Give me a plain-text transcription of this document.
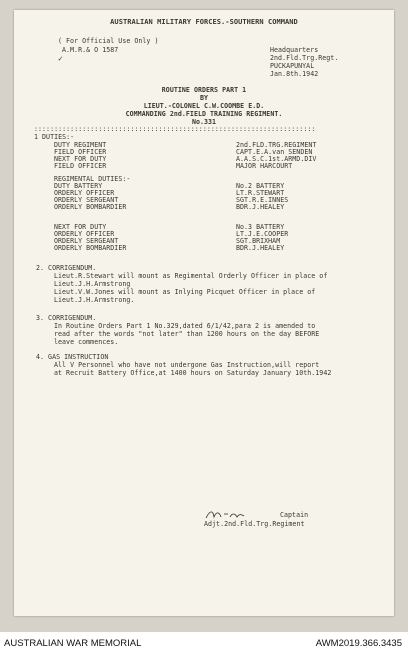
AUSTRALIAN MILITARY FORCES.-SOUTHERN COMMAND
( For Official Use Only )
A.M.R.& O 1587
✓
Headquarters
2nd.Fld.Trg.Regt.
PUCKAPUNYAL
Jan.8th.1942
ROUTINE ORDERS PART 1
BY
LIEUT.-COLONEL C.W.COOMBE E.D.
COMMANDING 2nd.FIELD TRAINING REGIMENT.
No.331
::::::::::::::::::::::::::::::::::::::::::::::::::::::::::::::::::::::
1 DUTIES:-
DUTY REGIMENT	2nd.FLD.TRG.REGIMENT
FIELD OFFICER	CAPT.E.A.van SENDEN
NEXT FOR DUTY	A.A.S.C.1st.ARMD.DIV
FIELD OFFICER	MAJOR HARCOURT
REGIMENTAL DUTIES:-
DUTY BATTERY	No.2 BATTERY
ORDERLY OFFICER	LT.R.STEWART
ORDERLY SERGEANT	SGT.R.E.INNES
ORDERLY BOMBARDIER	BDR.J.HEALEY
NEXT FOR DUTY	No.3 BATTERY
ORDERLY OFFICER	LT.J.E.COOPER
ORDERLY SERGEANT	SGT.BRIXHAM
ORDERLY BOMBARDIER	BDR.J.HEALEY
2. CORRIGENDUM.
Lieut.R.Stewart will mount as Regimental Orderly Officer in place of
Lieut.J.H.Armstrong
Lieut.V.W.Jones will mount as Inlying Picquet Officer in place of
Lieut.J.H.Armstrong.
3. CORRIGENDUM.
In Routine Orders Part 1 No.329,dated 6/1/42,para 2 is amended to
read after the words "not later" than 1200 hours on the day BEFORE
leave commences.
4. GAS INSTRUCTION
All V Personnel who have not undergone Gas Instruction,will report
at Recruit Battery Office,at 1400 hours on Saturday January 10th.1942
Captain
Adjt.2nd.Fld.Trg.Regiment
AUSTRALIAN WAR MEMORIAL	AWM2019.366.3435
